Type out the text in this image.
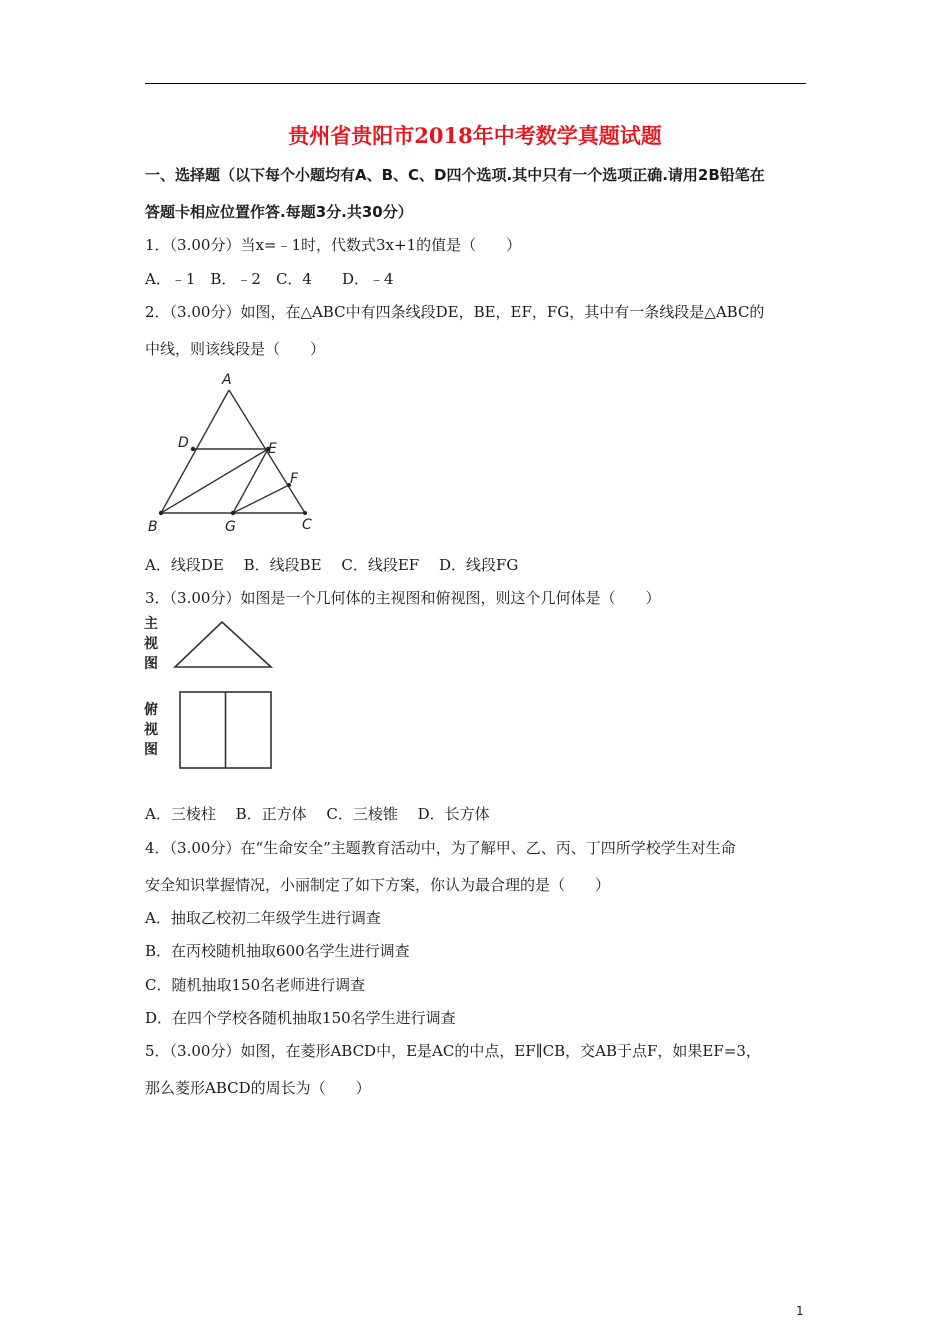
贵州省贵阳市2018年中考数学真题试题
一、选择题（以下每个小题均有A、B、C、D四个选项.其中只有一个选项正确.请用2B铅笔在
答题卡相应位置作答.每题3分.共30分）
1．（3.00分）当x=﹣1时，代数式3x+1的值是（　　）
A．﹣1　B．﹣2　C．4　　D．﹣4
2．（3.00分）如图，在△ABC中有四条线段DE，BE，EF，FG，其中有一条线段是△ABC的
中线，则该线段是（　　）
A
D	E
F
B	G	C
A．线段DE　 B．线段BE　 C．线段EF　 D．线段FG
3．（3.00分）如图是一个几何体的主视图和俯视图，则这个几何体是（　　）
主
视
图
俯
视
图
A．三棱柱　 B．正方体　 C．三棱锥　 D．长方体
4．（3.00分）在“生命安全”主题教育活动中，为了解甲、乙、丙、丁四所学校学生对生命
安全知识掌握情况，小丽制定了如下方案，你认为最合理的是（　　）
A．抽取乙校初二年级学生进行调查
B．在丙校随机抽取600名学生进行调查
C．随机抽取150名老师进行调查
D．在四个学校各随机抽取150名学生进行调查
5．（3.00分）如图，在菱形ABCD中，E是AC的中点，EF∥CB，交AB于点F，如果EF=3，
那么菱形ABCD的周长为（　　）
1
